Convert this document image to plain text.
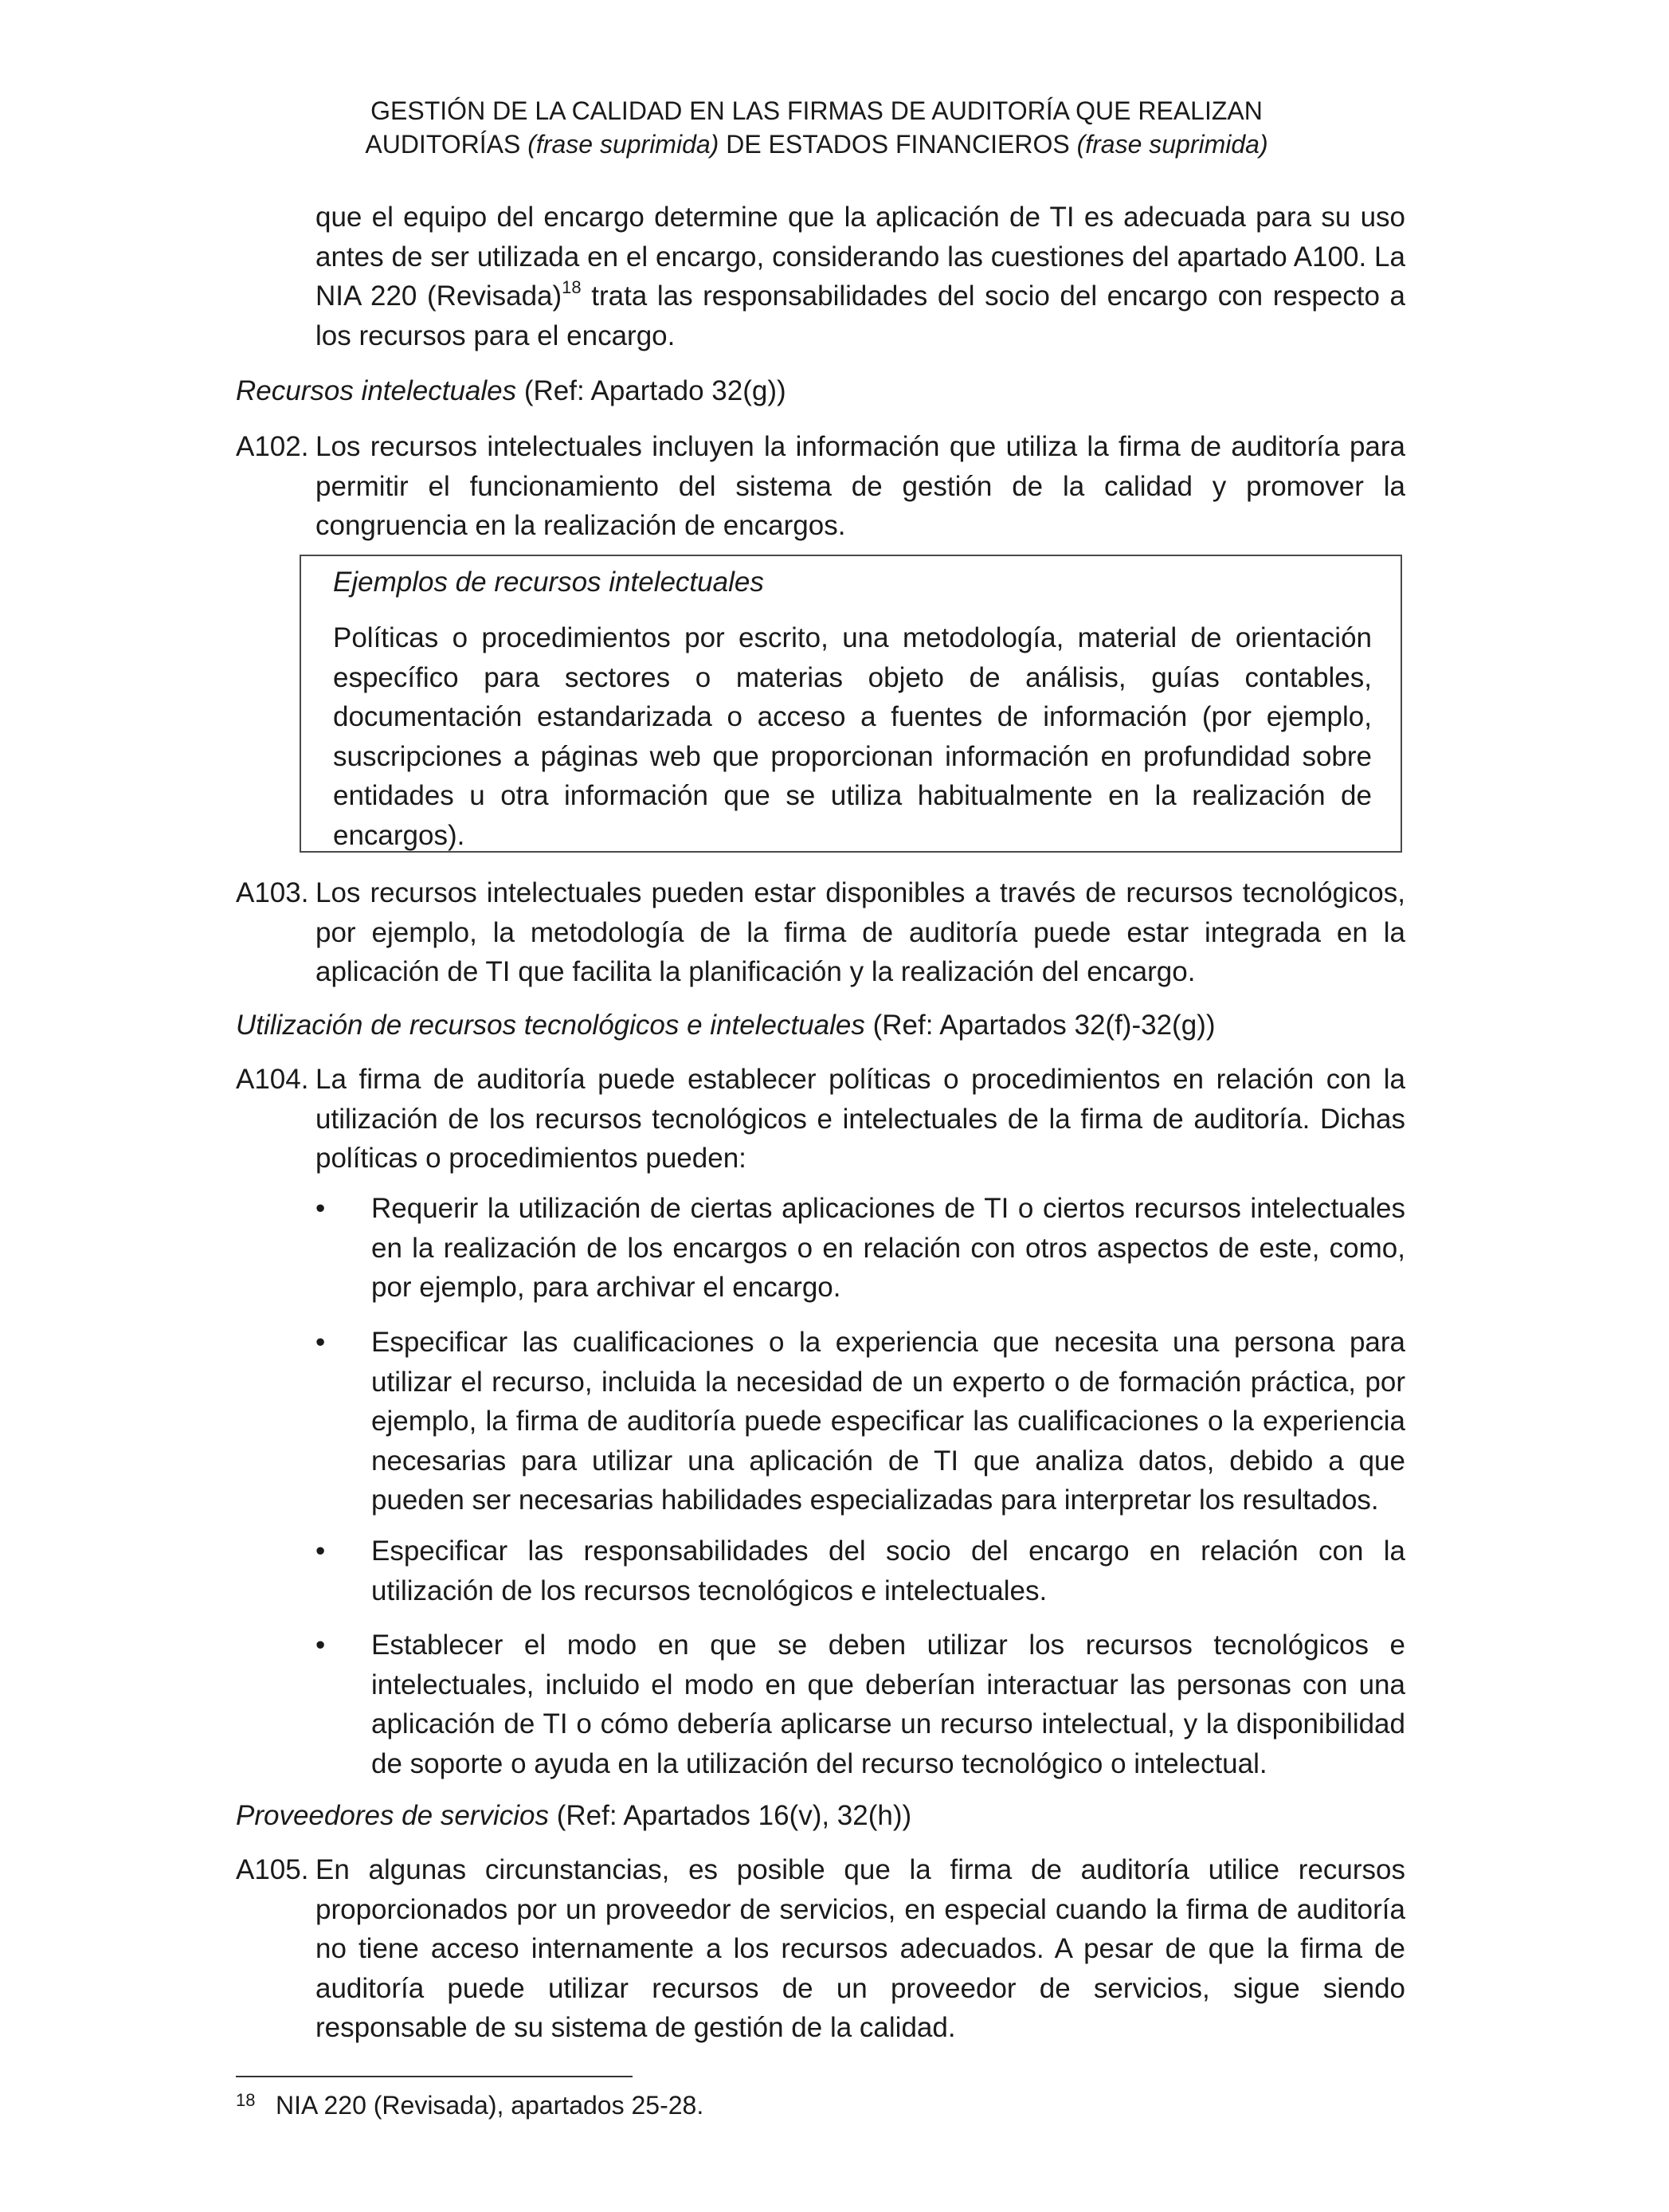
GESTIÓN DE LA CALIDAD EN LAS FIRMAS DE AUDITORÍA QUE REALIZAN
AUDITORÍAS (frase suprimida) DE ESTADOS FINANCIEROS (frase suprimida)
que el equipo del encargo determine que la aplicación de TI es adecuada para su uso antes de ser utilizada en el encargo, considerando las cuestiones del apartado A100. La NIA 220 (Revisada)$^{18}$ trata las responsabilidades del socio del encargo con respecto a los recursos para el encargo.
Recursos intelectuales (Ref: Apartado 32(g))
A102. Los recursos intelectuales incluyen la información que utiliza la firma de auditoría para permitir el funcionamiento del sistema de gestión de la calidad y promover la congruencia en la realización de encargos.
Ejemplos de recursos intelectuales
Políticas o procedimientos por escrito, una metodología, material de orientación específico para sectores o materias objeto de análisis, guías contables, documentación estandarizada o acceso a fuentes de información (por ejemplo, suscripciones a páginas web que proporcionan información en profundidad sobre entidades u otra información que se utiliza habitualmente en la realización de encargos).
A103. Los recursos intelectuales pueden estar disponibles a través de recursos tecnológicos, por ejemplo, la metodología de la firma de auditoría puede estar integrada en la aplicación de TI que facilita la planificación y la realización del encargo.
Utilización de recursos tecnológicos e intelectuales (Ref: Apartados 32(f)-32(g))
A104. La firma de auditoría puede establecer políticas o procedimientos en relación con la utilización de los recursos tecnológicos e intelectuales de la firma de auditoría. Dichas políticas o procedimientos pueden:
• Requerir la utilización de ciertas aplicaciones de TI o ciertos recursos intelectuales en la realización de los encargos o en relación con otros aspectos de este, como, por ejemplo, para archivar el encargo.
• Especificar las cualificaciones o la experiencia que necesita una persona para utilizar el recurso, incluida la necesidad de un experto o de formación práctica, por ejemplo, la firma de auditoría puede especificar las cualificaciones o la experiencia necesarias para utilizar una aplicación de TI que analiza datos, debido a que pueden ser necesarias habilidades especializadas para interpretar los resultados.
• Especificar las responsabilidades del socio del encargo en relación con la utilización de los recursos tecnológicos e intelectuales.
• Establecer el modo en que se deben utilizar los recursos tecnológicos e intelectuales, incluido el modo en que deberían interactuar las personas con una aplicación de TI o cómo debería aplicarse un recurso intelectual, y la disponibilidad de soporte o ayuda en la utilización del recurso tecnológico o intelectual.
Proveedores de servicios (Ref: Apartados 16(v), 32(h))
A105. En algunas circunstancias, es posible que la firma de auditoría utilice recursos proporcionados por un proveedor de servicios, en especial cuando la firma de auditoría no tiene acceso internamente a los recursos adecuados. A pesar de que la firma de auditoría puede utilizar recursos de un proveedor de servicios, sigue siendo responsable de su sistema de gestión de la calidad.
18 NIA 220 (Revisada), apartados 25-28.
